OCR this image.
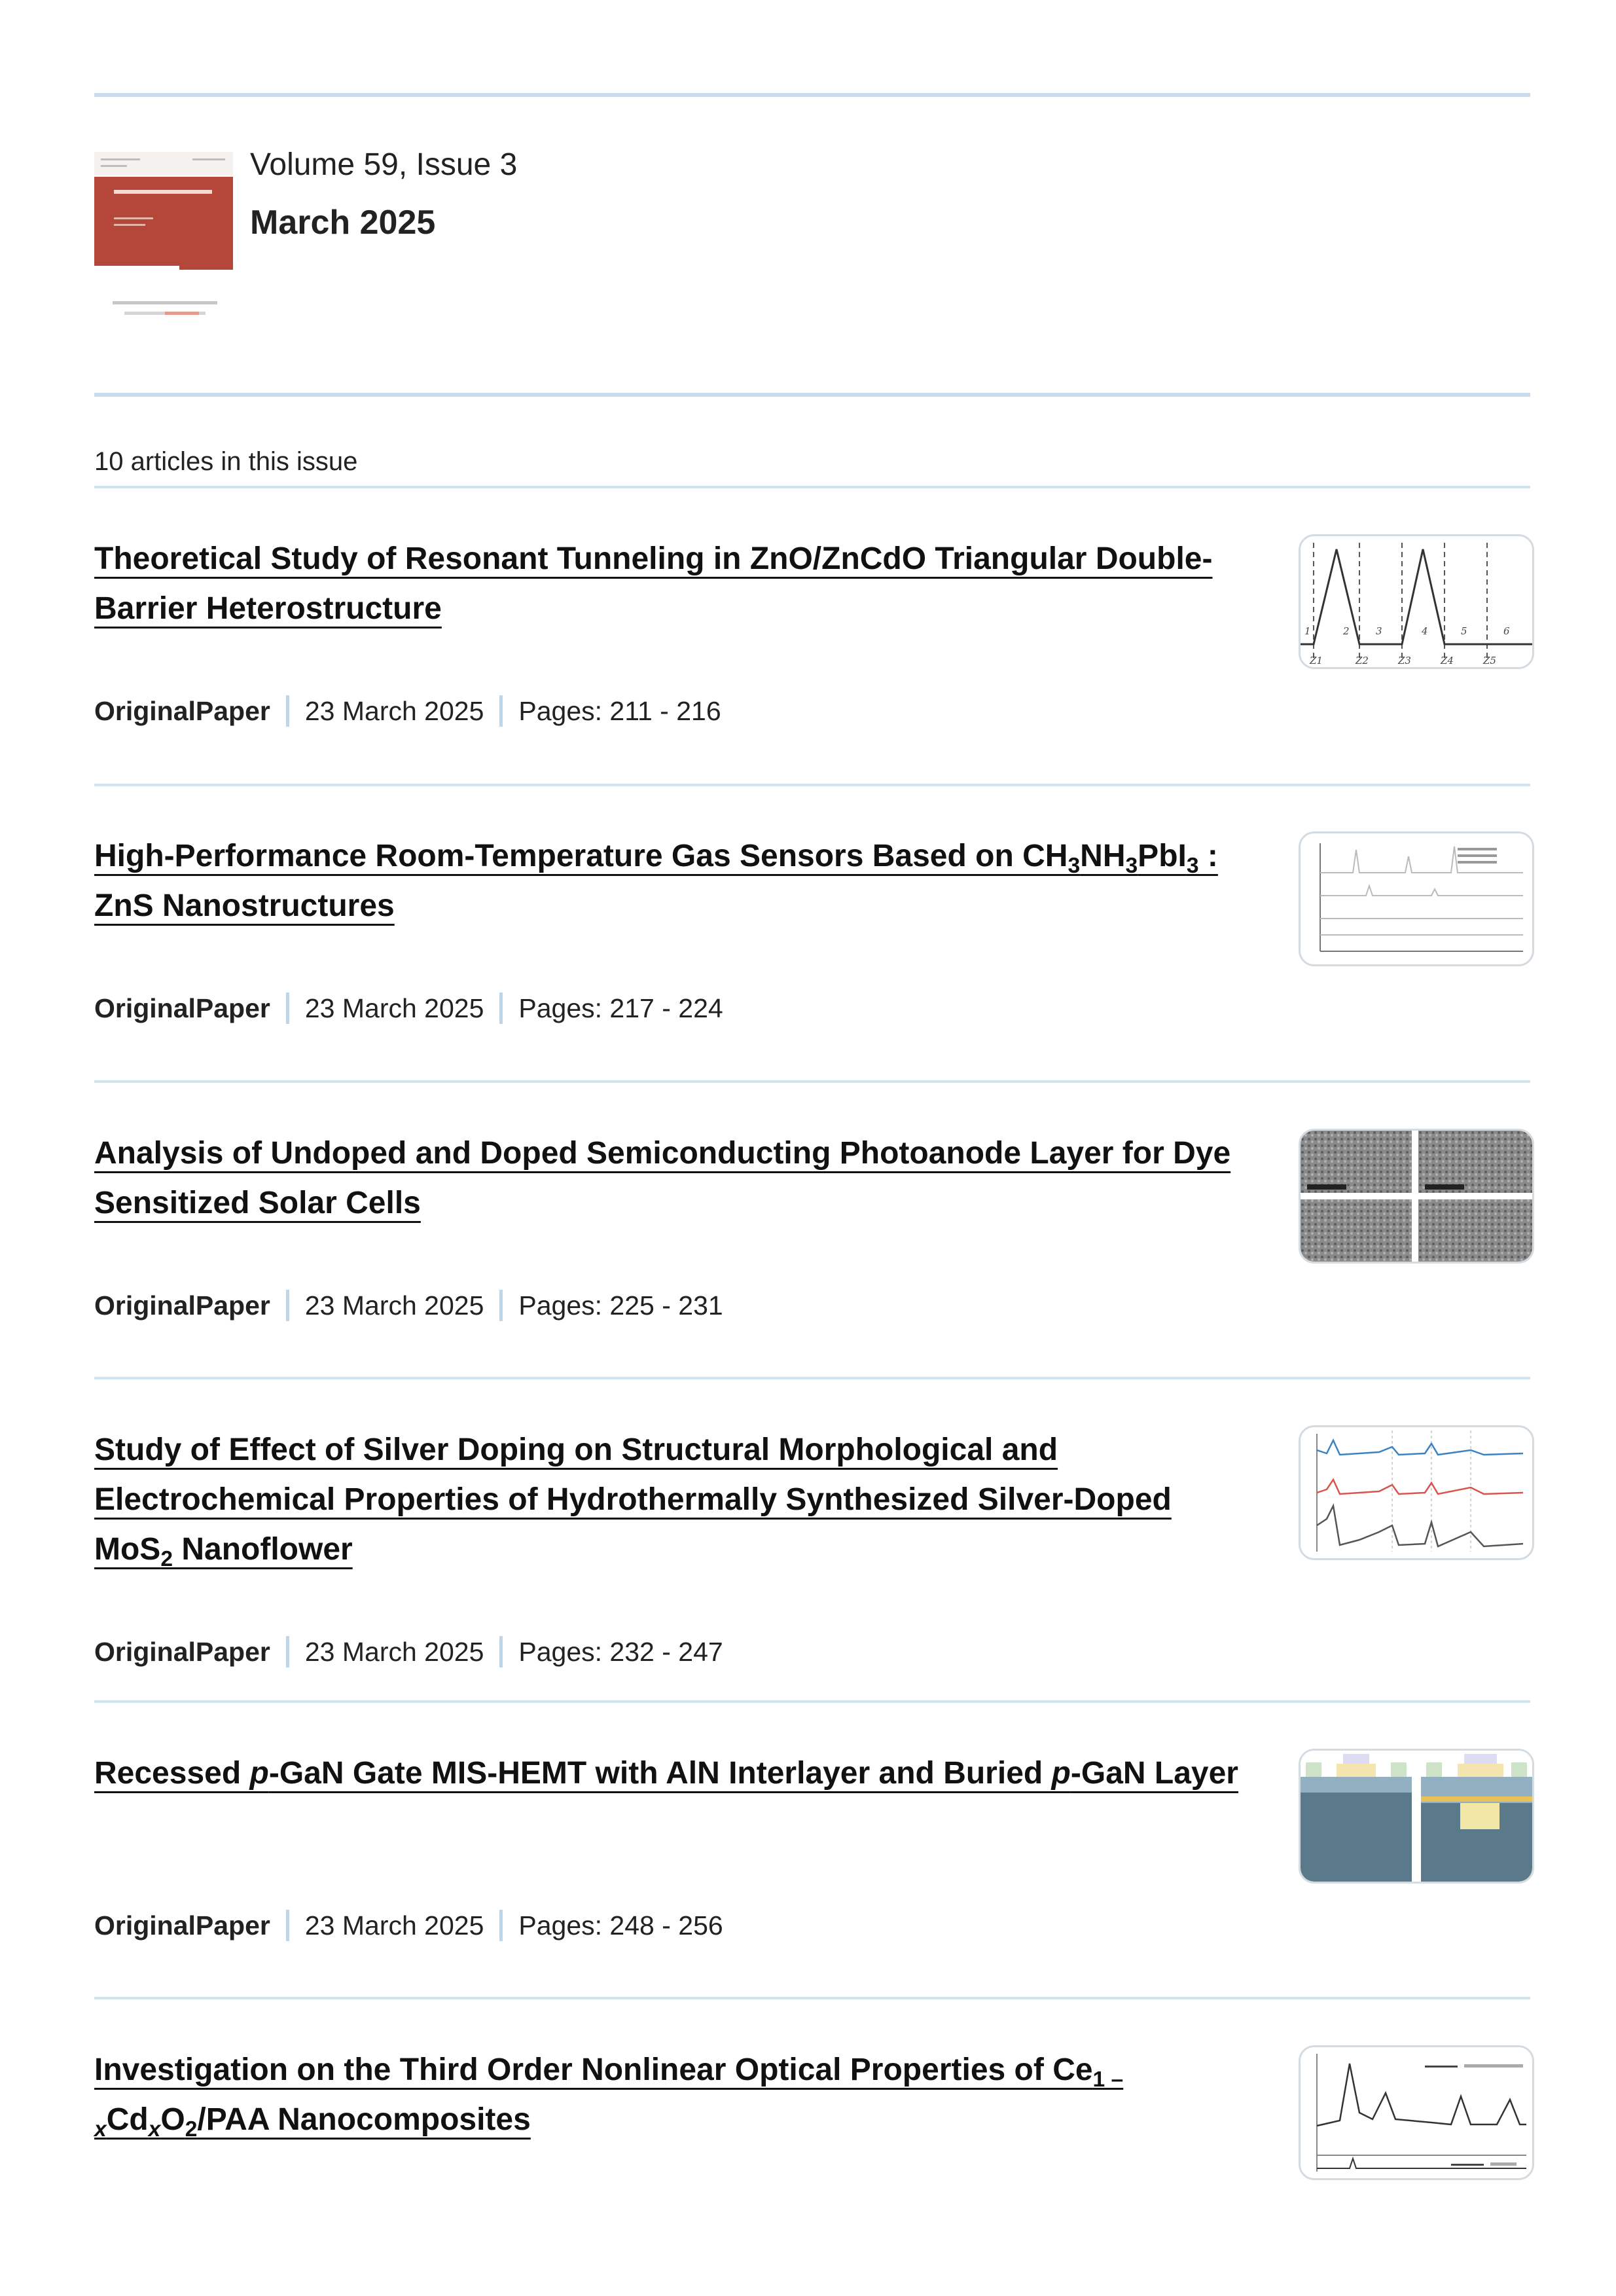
Volume 59, Issue 3
March 2025
10 articles in this issue
Theoretical Study of Resonant Tunneling in ZnO/ZnCdO Triangular Double-Barrier Heterostructure
OriginalPaper 23 March 2025 Pages: 211 - 216
1	2	3	4	5	6
Z1	Z2	Z3	Z4	Z5
High-Performance Room-Temperature Gas Sensors Based on $CH_3NH_3PbI_3$ : ZnS Nanostructures
OriginalPaper 23 March 2025 Pages: 217 - 224
Analysis of Undoped and Doped Semiconducting Photoanode Layer for Dye Sensitized Solar Cells
OriginalPaper 23 March 2025 Pages: 225 - 231
Study of Effect of Silver Doping on Structural Morphological and Electrochemical Properties of Hydrothermally Synthesized Silver-Doped MoS$_2$ Nanoflower
OriginalPaper 23 March 2025 Pages: 232 - 247
Recessed p-GaN Gate MIS-HEMT with AlN Interlayer and Buried p-GaN Layer
OriginalPaper 23 March 2025 Pages: 248 - 256
Investigation on the Third Order Nonlinear Optical Properties of $Ce_{1 -}$ $_xCd_xO_2$/PAA Nanocomposites
